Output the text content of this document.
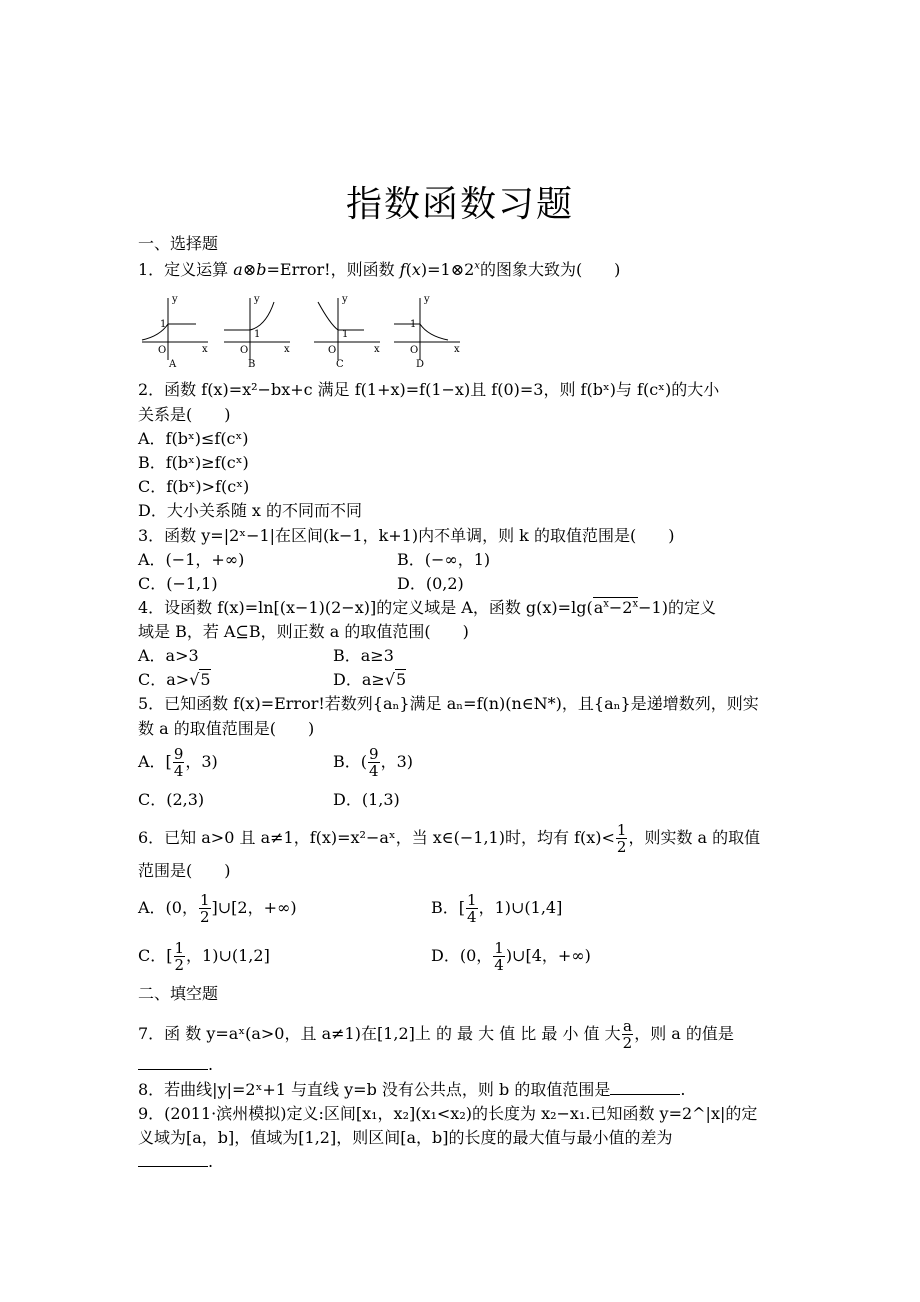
指数函数习题
一、选择题
1．定义运算 a⊗b=Error!，则函数 $f(x)=1\otimes 2^x$的图象大致为(　　)
y
x
O
1
A
y
x
O
1
B
y
x
O
1
C
y
x
O
1
D
2．函数 f(x)=x²−bx+c 满足 f(1+x)=f(1−x)且 f(0)=3，则 f(bˣ)与 f(cˣ)的大小
关系是(　　)
A．f(bˣ)≤f(cˣ)
B．f(bˣ)≥f(cˣ)
C．f(bˣ)>f(cˣ)
D．大小关系随 x 的不同而不同
3．函数 y=|2ˣ−1|在区间(k−1，k+1)内不单调，则 k 的取值范围是(　　)
A．(−1，+∞)	B．(−∞，1)
C．(−1,1)	D．(0,2)
4．设函数 f(x)=ln[(x−1)(2−x)]的定义域是 A，函数 $g(x)=\lg(a^x-2^x-1)$的定义
域是 B，若 A⊆B，则正数 a 的取值范围(　　)
A．a>3	B．a≥3
C．a>√5	D．a≥√5
5．已知函数 f(x)=Error!若数列{aₙ}满足 aₙ=f(n)(n∈N*)，且{aₙ}是递增数列，则实
数 a 的取值范围是(　　)
A．[ $\frac{9}{4}$ ，3)	B．( $\frac{9}{4}$ ，3)
C．(2,3)	D．(1,3)
6．已知 a>0 且 a≠1，f(x)=x²−aˣ，当 x∈(−1,1)时，均有 $f(x)< \frac{1}{2}$ ，则实数 a 的取值
范围是(　　)
A．(0， $\frac{1}{2}$ ]∪[2，+∞)	B．[ $\frac{1}{4}$ ，1)∪(1,4]
C．[ $\frac{1}{2}$ ，1)∪(1,2]	D．(0， $\frac{1}{4}$ )∪[4，+∞)
二、填空题
7．函 数 y=aˣ(a>0，且 a≠1)在[1,2]上 的 最 大 值 比 最 小 值 大 $\frac{a}{2}$ ，则 a 的值是
.
8．若曲线|y|=2ˣ+1 与直线 y=b 没有公共点，则 b 的取值范围是	.
9．(2011·滨州模拟)定义:区间[x₁，x₂](x₁<x₂)的长度为 x₂−x₁.已知函数 y=2^|x|的定
义域为[a，b]，值域为[1,2]，则区间[a，b]的长度的最大值与最小值的差为
.
